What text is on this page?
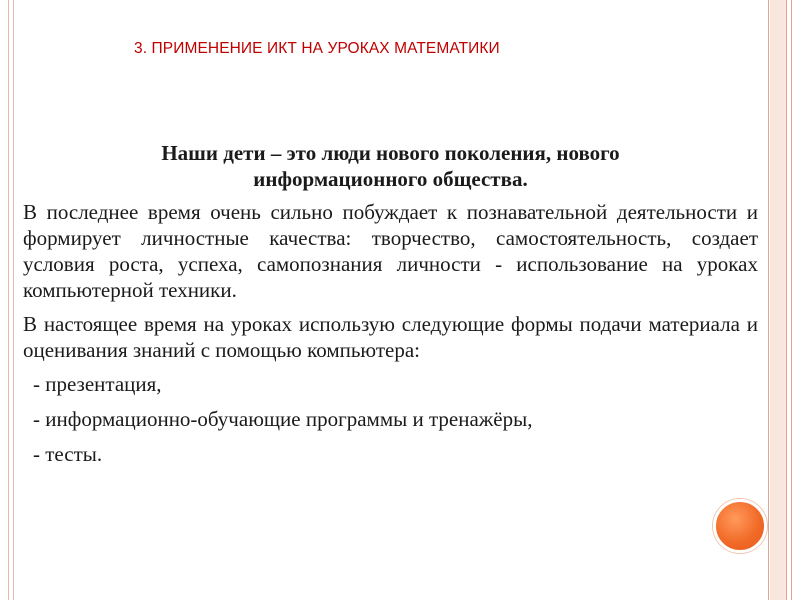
3. ПРИМЕНЕНИЕ ИКТ НА УРОКАХ МАТЕМАТИКИ

Наши дети – это люди нового поколения, нового информационного общества.

В последнее время очень сильно побуждает к познавательной деятельности и формирует личностные качества: творчество, самостоятельность, создает условия роста, успеха, самопознания личности - использование на уроках компьютерной техники.

В настоящее время на уроках использую следующие формы подачи материала и оценивания знаний с помощью компьютера:

- презентация,
- информационно-обучающие программы и тренажёры,
- тесты.
